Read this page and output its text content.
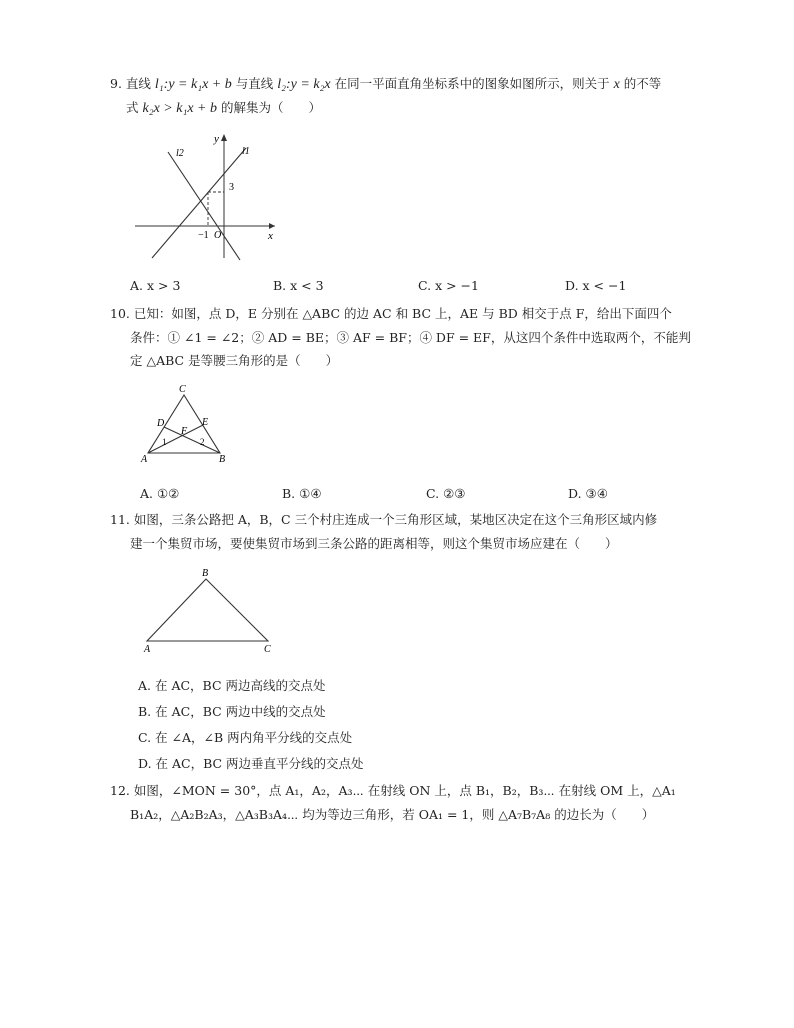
9. 直线 l₁:y = k₁x + b 与直线 l₂:y = k₂x 在同一平面直角坐标系中的图象如图所示，则关于 x 的不等
式 k₂x > k₁x + b 的解集为（　　）
y
x
l1
l2
3
−1 O
A. x > 3	B. x < 3	C. x > −1	D. x < −1
10. 已知：如图，点 D，E 分别在 △ABC 的边 AC 和 BC 上，AE 与 BD 相交于点 F，给出下面四个
条件：① ∠1 = ∠2；② AD = BE；③ AF = BF；④ DF = EF，从这四个条件中选取两个，不能判
定 △ABC 是等腰三角形的是（　　）
C
D	E
F
1	2
A	B
A. ①②	B. ①④	C. ②③	D. ③④
11. 如图，三条公路把 A，B，C 三个村庄连成一个三角形区域，某地区决定在这个三角形区域内修
建一个集贸市场，要使集贸市场到三条公路的距离相等，则这个集贸市场应建在（　　）
B
A	C
A. 在 AC，BC 两边高线的交点处
B. 在 AC，BC 两边中线的交点处
C. 在 ∠A，∠B 两内角平分线的交点处
D. 在 AC，BC 两边垂直平分线的交点处
12. 如图，∠MON = 30°，点 A₁，A₂，A₃⋯ 在射线 ON 上，点 B₁，B₂，B₃⋯ 在射线 OM 上，△A₁
B₁A₂，△A₂B₂A₃，△A₃B₃A₄⋯ 均为等边三角形，若 OA₁ = 1，则 △A₇B₇A₈ 的边长为（　　）
